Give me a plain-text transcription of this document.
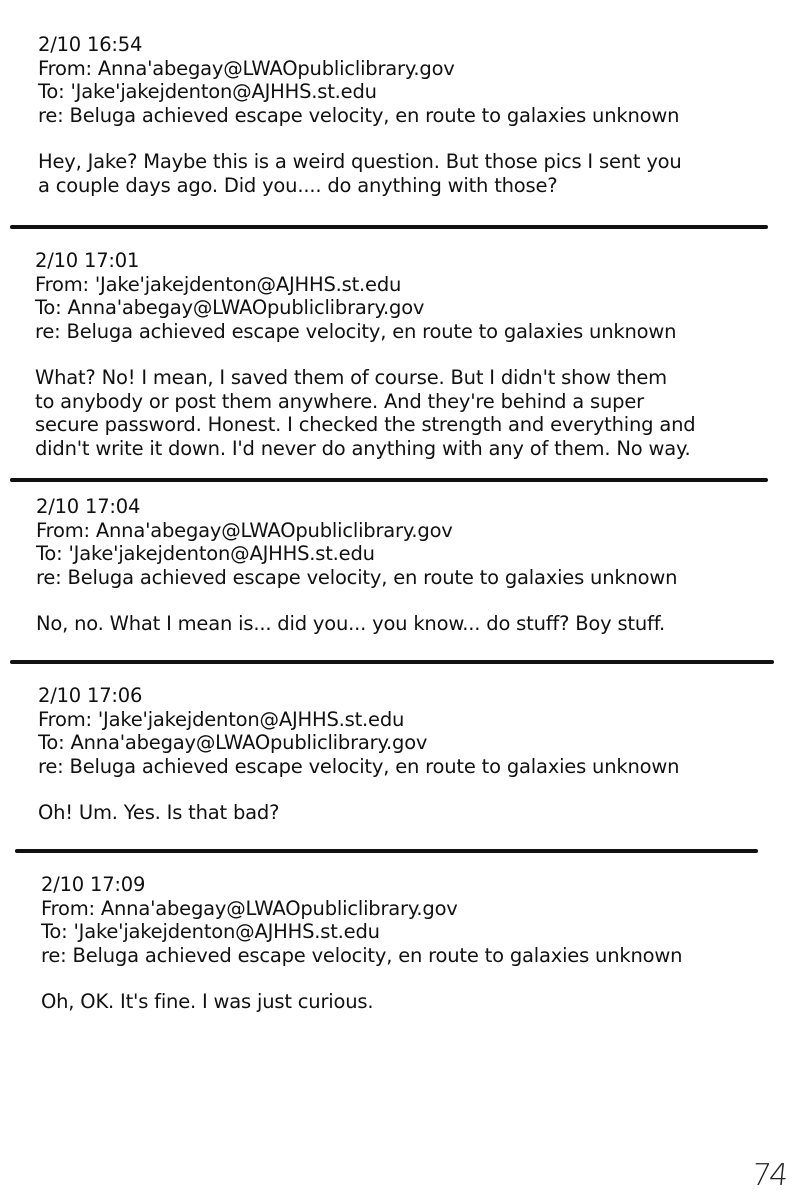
2/10 16:54
From: Anna'abegay@LWAOpubliclibrary.gov
To: 'Jake'jakejdenton@AJHHS.st.edu
re: Beluga achieved escape velocity, en route to galaxies unknown
Hey, Jake? Maybe this is a weird question. But those pics I sent you
a couple days ago. Did you.... do anything with those?
2/10 17:01
From: 'Jake'jakejdenton@AJHHS.st.edu
To: Anna'abegay@LWAOpubliclibrary.gov
re: Beluga achieved escape velocity, en route to galaxies unknown
What? No! I mean, I saved them of course. But I didn't show them
to anybody or post them anywhere. And they're behind a super
secure password. Honest. I checked the strength and everything and
didn't write it down. I'd never do anything with any of them. No way.
2/10 17:04
From: Anna'abegay@LWAOpubliclibrary.gov
To: 'Jake'jakejdenton@AJHHS.st.edu
re: Beluga achieved escape velocity, en route to galaxies unknown
No, no. What I mean is... did you... you know... do stuff? Boy stuff.
2/10 17:06
From: 'Jake'jakejdenton@AJHHS.st.edu
To: Anna'abegay@LWAOpubliclibrary.gov
re: Beluga achieved escape velocity, en route to galaxies unknown
Oh! Um. Yes. Is that bad?
2/10 17:09
From: Anna'abegay@LWAOpubliclibrary.gov
To: 'Jake'jakejdenton@AJHHS.st.edu
re: Beluga achieved escape velocity, en route to galaxies unknown
Oh, OK. It's fine. I was just curious.
74
